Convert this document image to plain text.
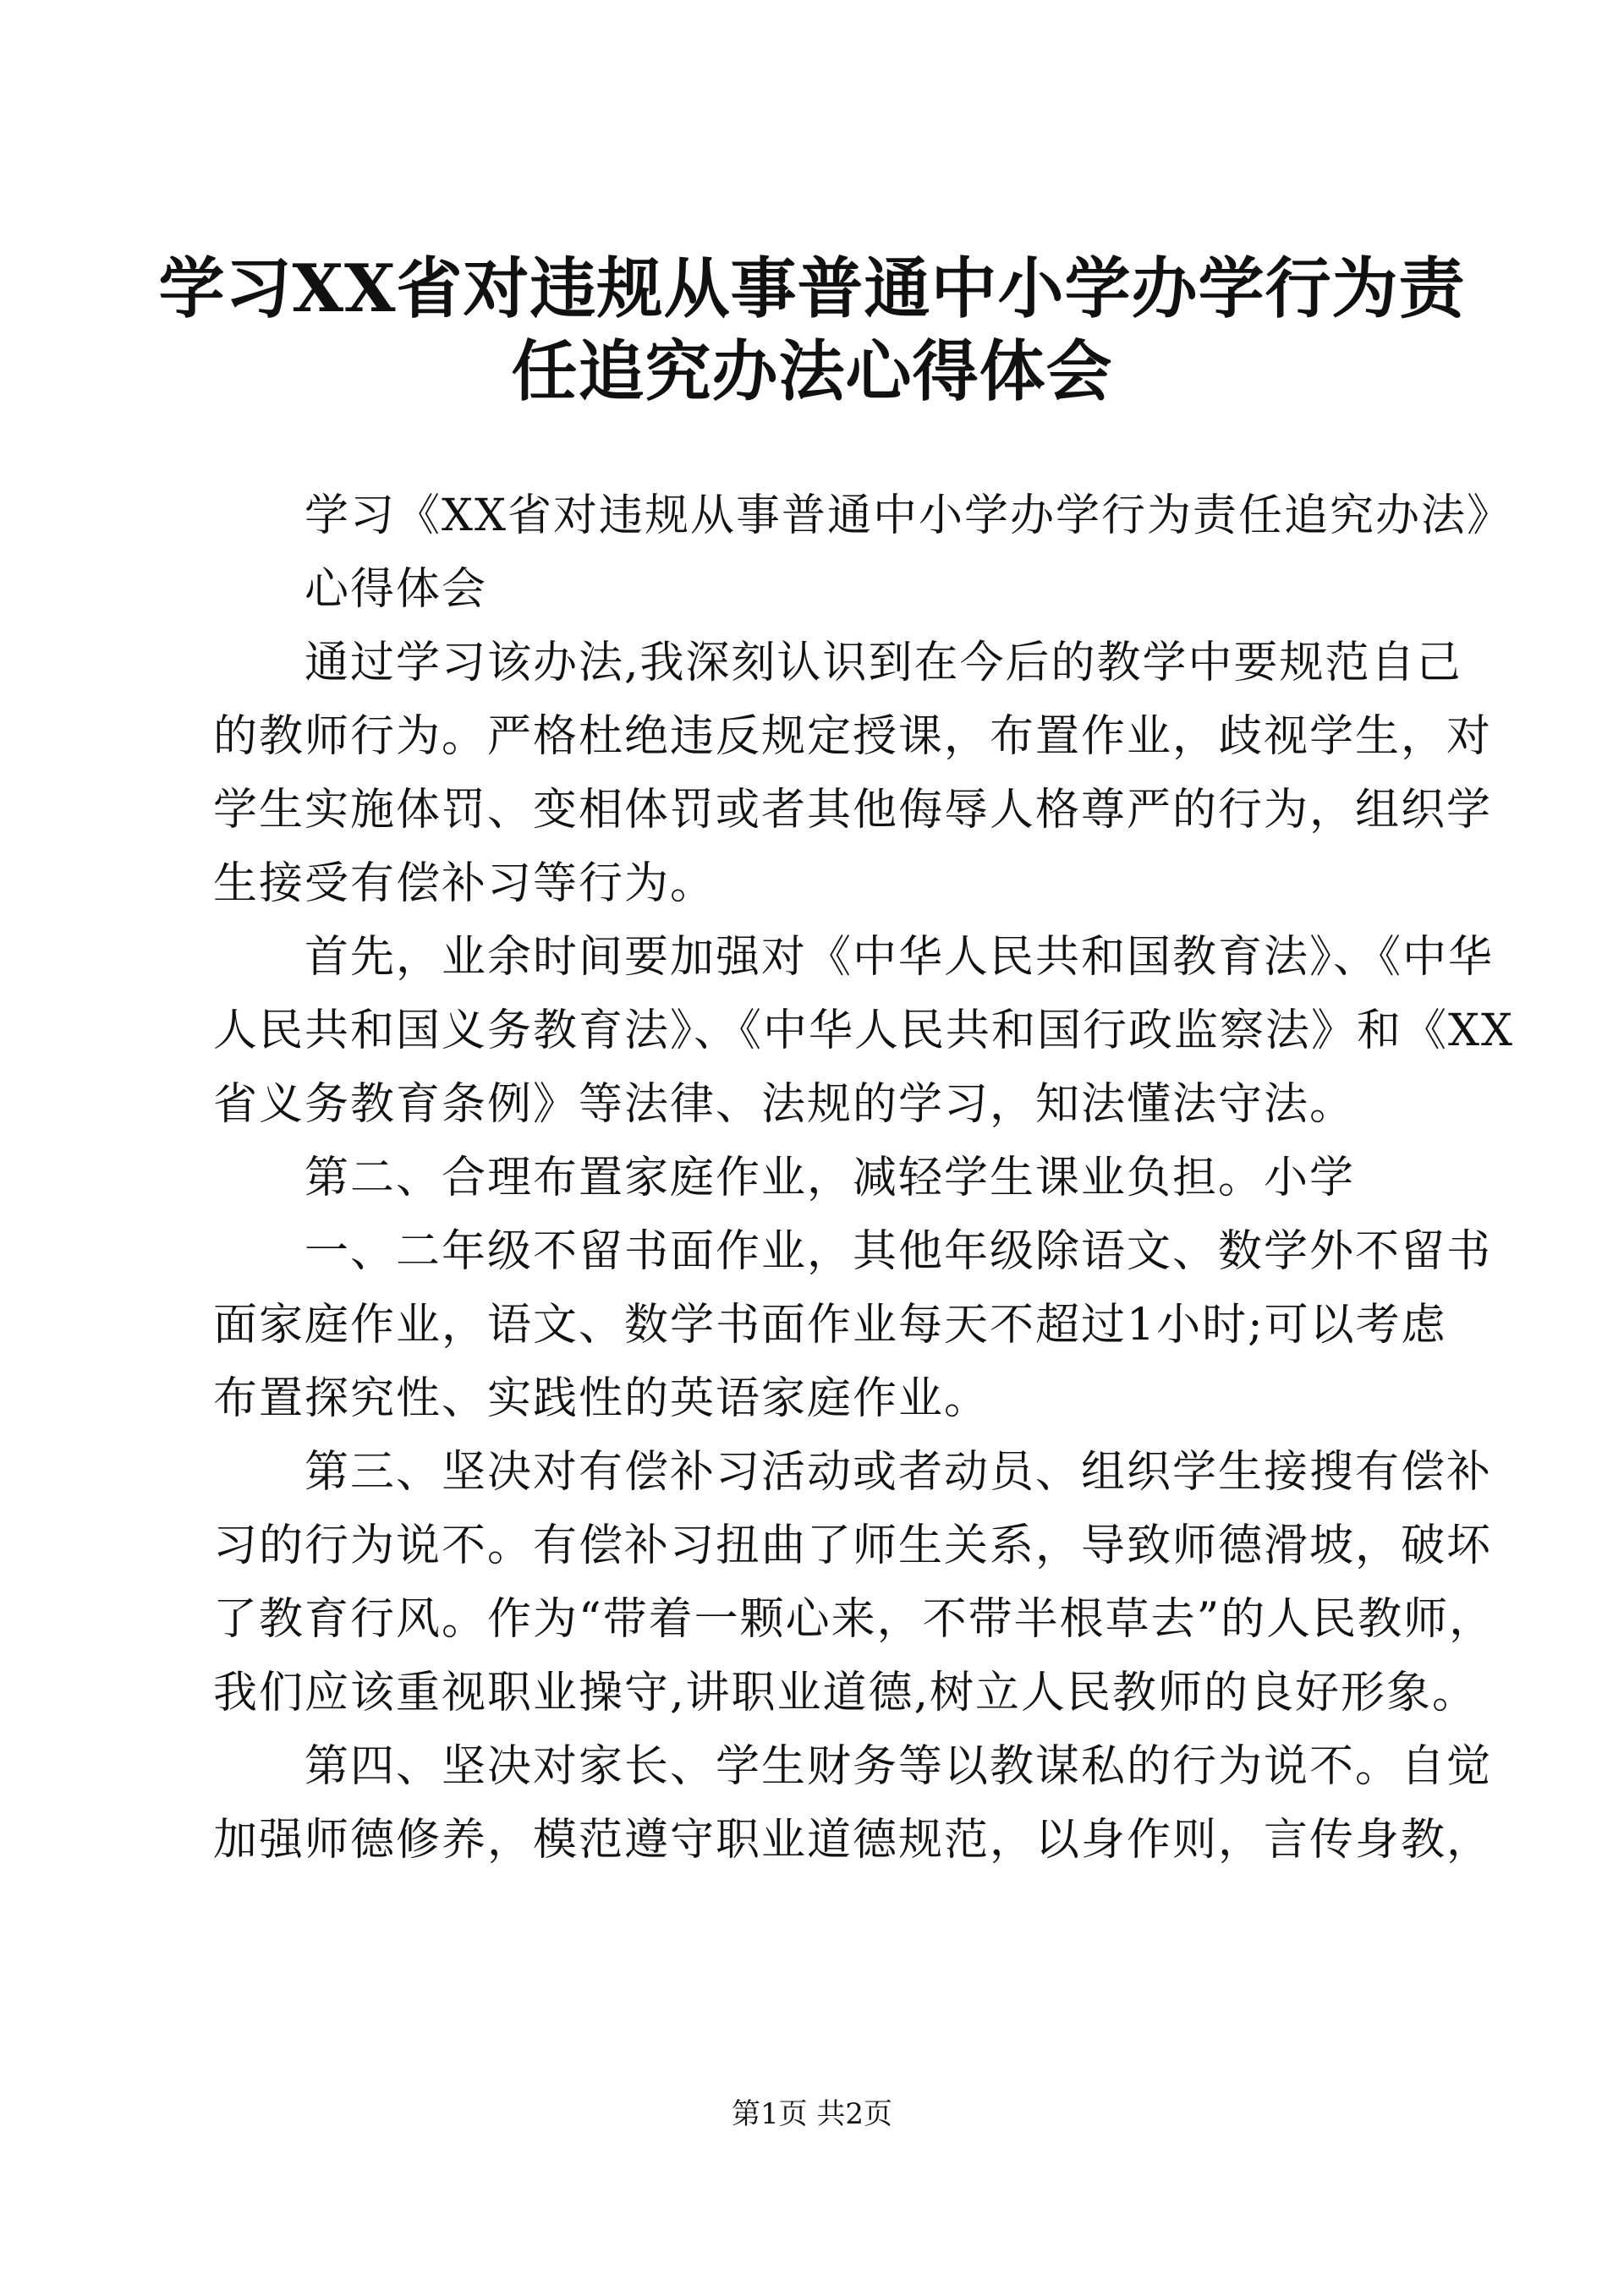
学习XX省对违规从事普通中小学办学行为责
任追究办法心得体会
学习《XX省对违规从事普通中小学办学行为责任追究办法》
心得体会
通过学习该办法,我深刻认识到在今后的教学中要规范自己
的教师行为。严格杜绝违反规定授课，布置作业，歧视学生，对
学生实施体罚、变相体罚或者其他侮辱人格尊严的行为，组织学
生接受有偿补习等行为。
首先，业余时间要加强对《中华人民共和国教育法》、《中华
人民共和国义务教育法》、《中华人民共和国行政监察法》和《XX
省义务教育条例》等法律、法规的学习，知法懂法守法。
第二、合理布置家庭作业，减轻学生课业负担。小学
一、二年级不留书面作业，其他年级除语文、数学外不留书
面家庭作业，语文、数学书面作业每天不超过1小时;可以考虑
布置探究性、实践性的英语家庭作业。
第三、坚决对有偿补习活动或者动员、组织学生接搜有偿补
习的行为说不。有偿补习扭曲了师生关系，导致师德滑坡，破坏
了教育行风。作为“带着一颗心来，不带半根草去”的人民教师，
我们应该重视职业操守,讲职业道德,树立人民教师的良好形象。
第四、坚决对家长、学生财务等以教谋私的行为说不。自觉
加强师德修养，模范遵守职业道德规范，以身作则，言传身教，
第1页 共2页
